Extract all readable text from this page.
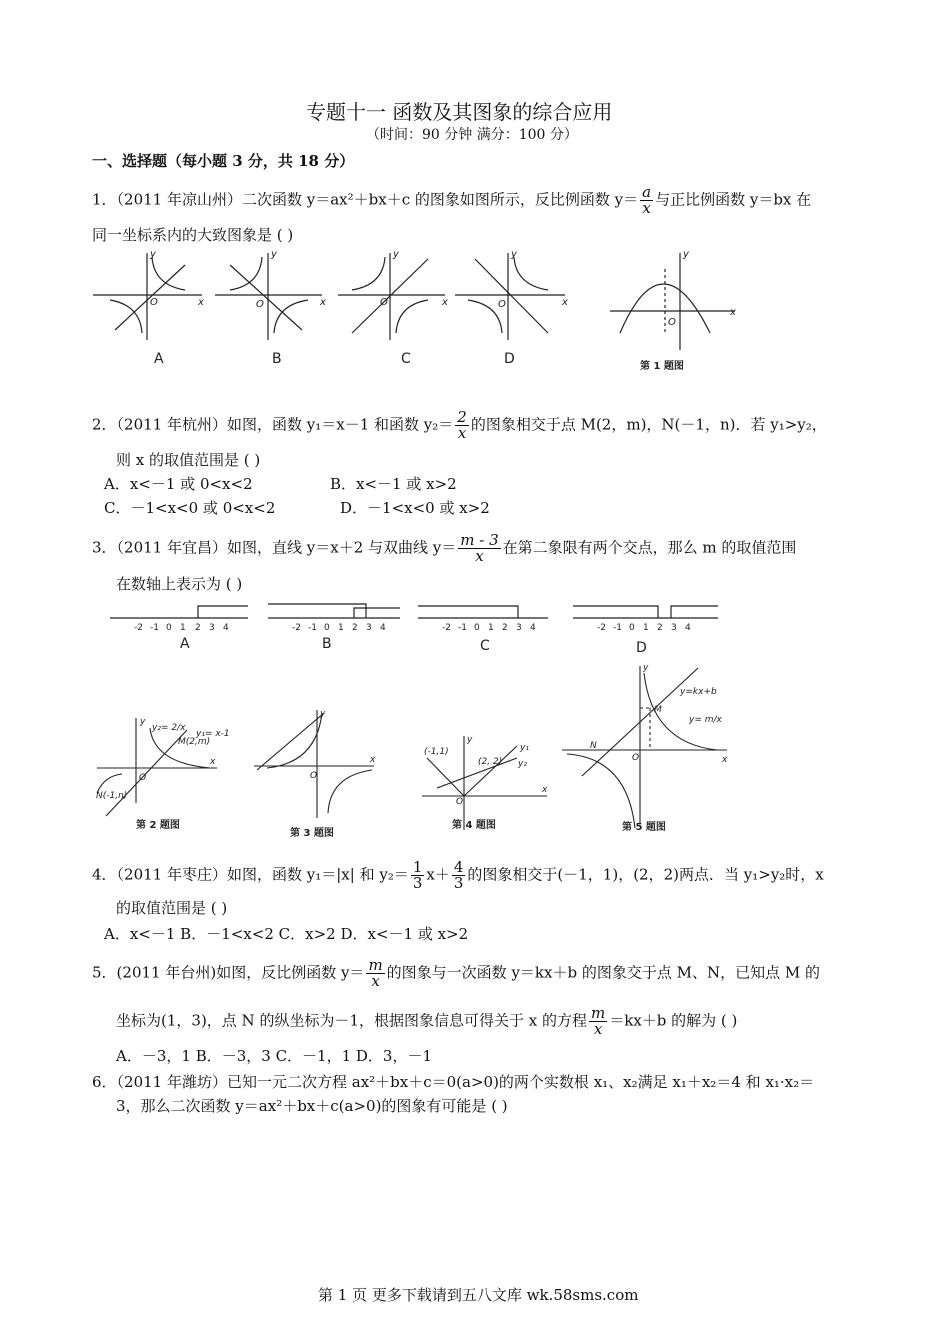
专题十一 函数及其图象的综合应用
（时间：90 分钟 满分：100 分）
一、选择题（每小题 3 分，共 18 分）
1．（2011 年凉山州）二次函数 y＝ax²＋bx＋c 的图象如图所示，反比例函数 $y= \frac{a}{x}$ 与正比例函数 y＝bx 在
同一坐标系内的大致图象是 ( )
O	x
y
O	x
y
O	x
y
O	x
y
O
x
y
A	B	C	D	第 1 题图
2．（2011 年杭州）如图，函数 y₁＝x－1 和函数 $y_2= \frac{2}{x}$ 的图象相交于点 M(2，m)，N(－1，n)．若 y₁>y₂，
则 x 的取值范围是 ( )
A．x<－1 或 0<x<2	B．x<－1 或 x>2
C．－1<x<0 或 0<x<2	D．－1<x<0 或 x>2
3．（2011 年宜昌）如图，直线 y＝x＋2 与双曲线 $y= \frac{m - 3}{x}$ 在第二象限有两个交点，那么 m 的取值范围
在数轴上表示为 ( )
-2 -1 0 1 2 3 4	-2 -1 0 1 2 3 4	-2 -1 0 1 2 3 4	-2 -1 0 1 2 3 4
A	B	C	D
y
x
O
y₂= 2/x
y₁= x-1
M(2,m)
N(-1,n)
y
x
O
y
x
O
(2, 2)
(-1,1)	y₁
y₂
y
x
O
y=kx+b
y= m/x
M
N
第 2 题图
第 3 题图
第 4 题图	第 5 题图
4．（2011 年枣庄）如图，函数 y₁＝|x| 和 $y_2= \frac{1}{3} x+ \frac{4}{3}$ 的图象相交于(－1，1)，(2，2)两点．当 y₁>y₂时，x
的取值范围是 ( )
A．x<－1 B．－1<x<2 C．x>2 D．x<－1 或 x>2
5．(2011 年台州)如图，反比例函数 $y= \frac{m}{x}$ 的图象与一次函数 y＝kx＋b 的图象交于点 M、N，已知点 M 的
坐标为(1，3)，点 N 的纵坐标为－1，根据图象信息可得关于 x 的方程 $\frac{m}{x} =kx+b$ 的解为 ( )
A．－3，1 B．－3，3 C．－1，1 D．3，－1
6．（2011 年潍坊）已知一元二次方程 ax²＋bx＋c＝0(a>0)的两个实数根 x₁、x₂满足 x₁＋x₂＝4 和 x₁·x₂＝
3，那么二次函数 y＝ax²＋bx＋c(a>0)的图象有可能是 ( )
第 1 页 更多下载请到五八文库 wk.58sms.com
